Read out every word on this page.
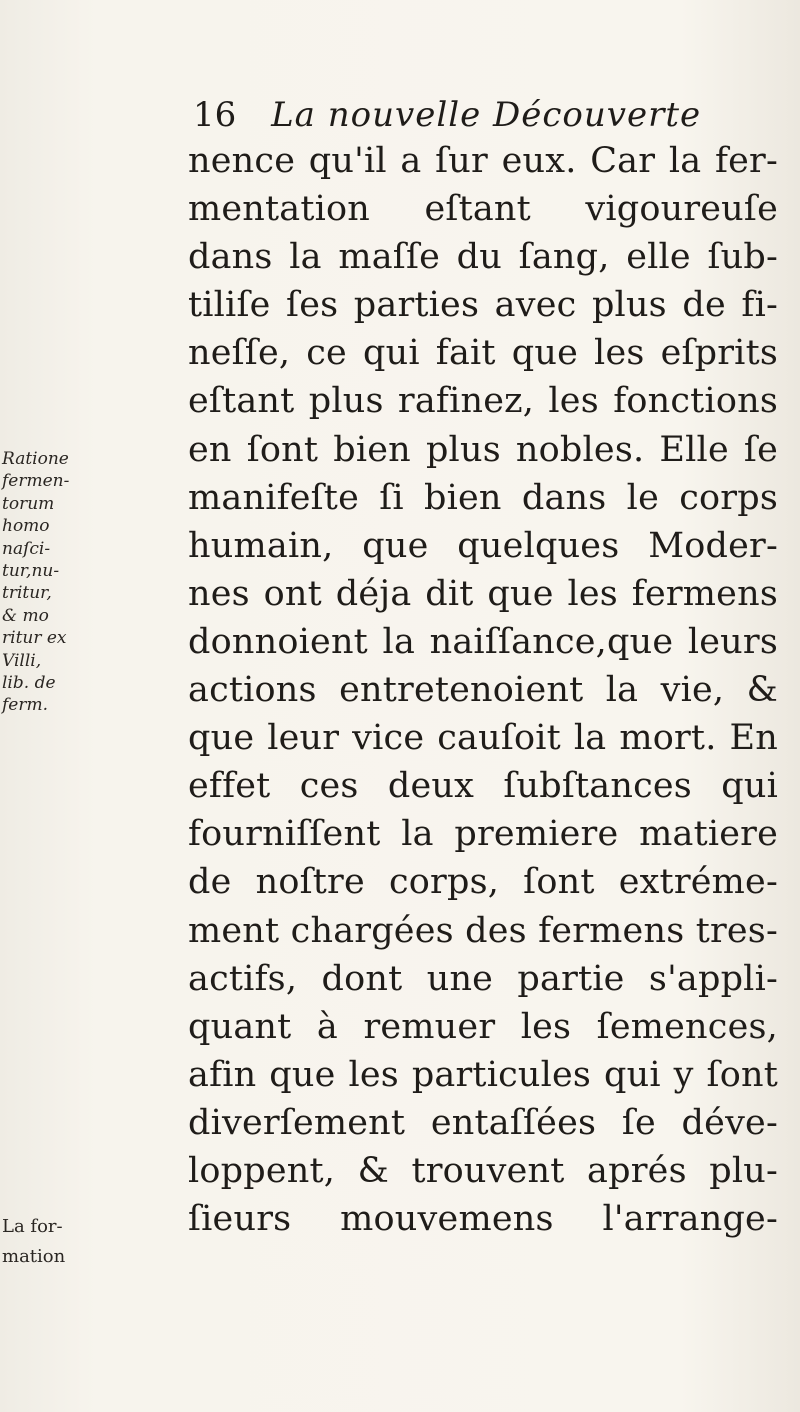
16 La nouvelle Découverte
nence qu'il a ſur eux. Car la fer-
mentation eſtant vigoureuſe
dans la maſſe du ſang, elle ſub-
tiliſe ſes parties avec plus de fi-
neſſe, ce qui fait que les eſprits
eſtant plus rafinez, les fonctions
en ſont bien plus nobles. Elle ſe
manifeſte ſi bien dans le corps
humain, que quelques Moder-
nes ont déja dit que les fermens
donnoient la naiſſance,que leurs
actions entretenoient la vie, &
que leur vice cauſoit la mort. En
effet ces deux ſubſtances qui
fourniſſent la premiere matiere
de noſtre corps, ſont extréme-
ment chargées des fermens tres-
actifs, dont une partie s'appli-
quant à remuer les ſemences,
afin que les particules qui y ſont
diverſement entaſſées ſe déve-
loppent, & trouvent aprés plu-
ſieurs mouvemens l'arrange-
Ratione
fermen-
torum
homo
naſci-
tur,nu-
tritur,
& mo
ritur ex
Villi,
lib. de
ferm.
La for-
mation
